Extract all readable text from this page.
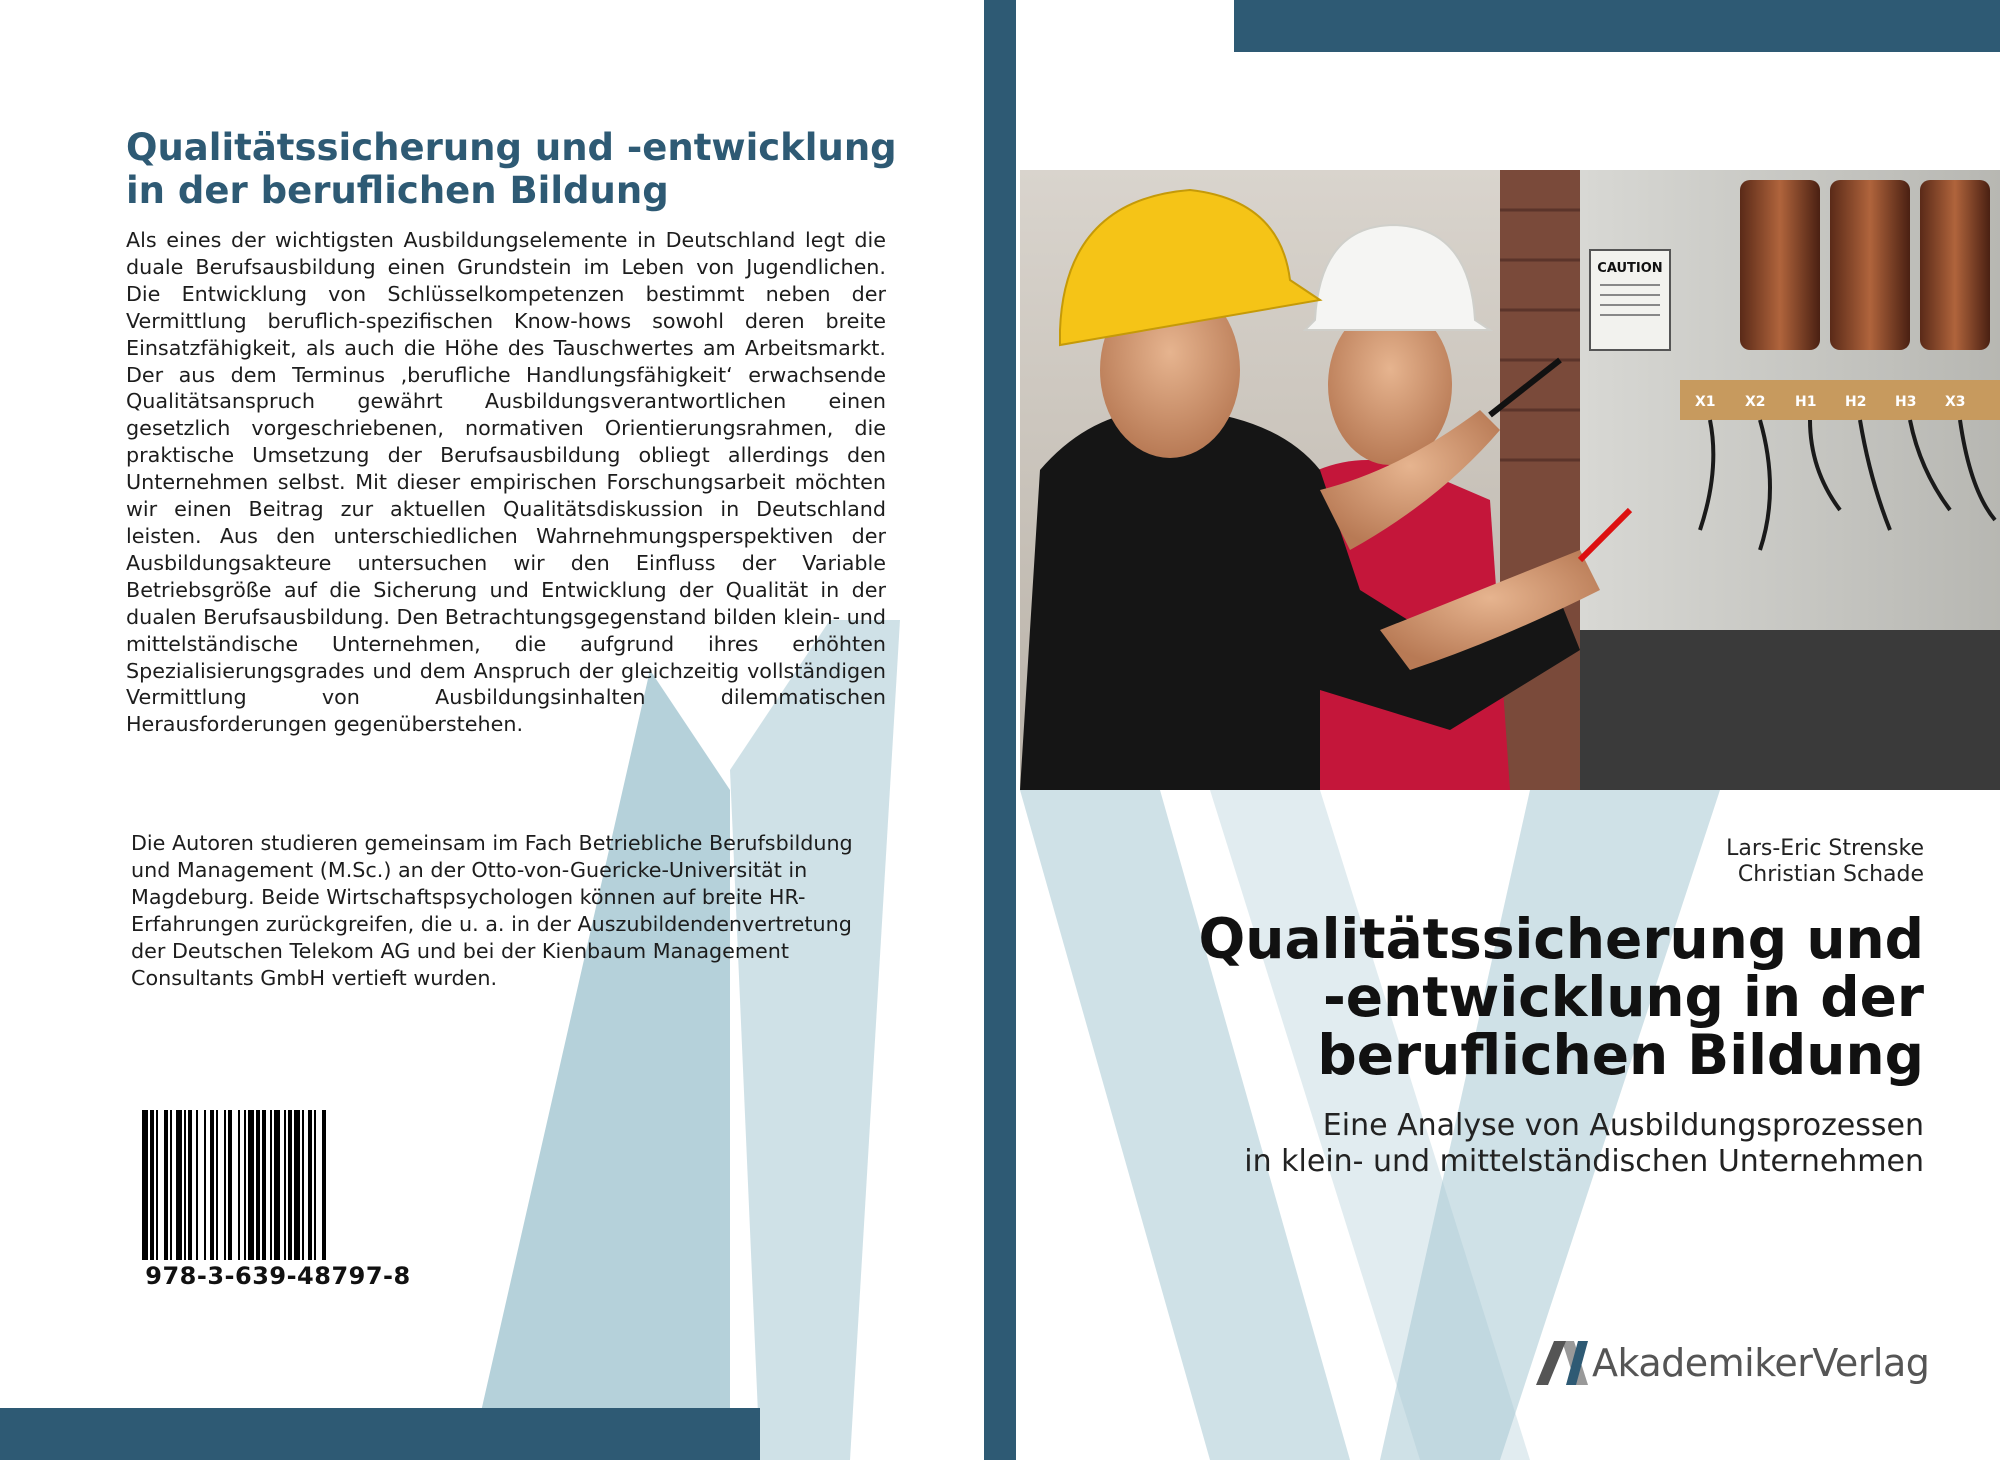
Qualitätssicherung und -entwicklung
in der beruflichen Bildung
Als eines der wichtigsten Ausbildungselemente in Deutschland legt die duale Berufsausbildung einen Grundstein im Leben von Jugendlichen. Die Entwicklung von Schlüsselkompetenzen bestimmt neben der Vermittlung beruflich-spezifischen Know-hows sowohl deren breite Einsatzfähigkeit, als auch die Höhe des Tauschwertes am Arbeitsmarkt. Der aus dem Terminus ‚berufliche Handlungsfähigkeit‘ erwachsende Qualitätsanspruch gewährt Ausbildungsverantwortlichen einen gesetzlich vorgeschriebenen, normativen Orientierungsrahmen, die praktische Umsetzung der Berufsausbildung obliegt allerdings den Unternehmen selbst. Mit dieser empirischen Forschungsarbeit möchten wir einen Beitrag zur aktuellen Qualitätsdiskussion in Deutschland leisten. Aus den unterschiedlichen Wahrnehmungsperspektiven der Ausbildungsakteure untersuchen wir den Einfluss der Variable Betriebsgröße auf die Sicherung und Entwicklung der Qualität in der dualen Berufsausbildung. Den Betrachtungsgegenstand bilden klein- und mittelständische Unternehmen, die aufgrund ihres erhöhten Spezialisierungsgrades und dem Anspruch der gleichzeitig vollständigen Vermittlung von Ausbildungsinhalten dilemmatischen Herausforderungen gegenüberstehen.
Die Autoren studieren gemeinsam im Fach Betriebliche Berufsbildung
und Management (M.Sc.) an der Otto-von-Guericke-Universität in
Magdeburg. Beide Wirtschaftspsychologen können auf breite HR-
Erfahrungen zurückgreifen, die u. a. in der Auszubildendenvertretung
der Deutschen Telekom AG und bei der Kienbaum Management
Consultants GmbH vertieft wurden.
978-3-639-48797-8
CAUTION
X1 X2 H1 H2 H3 X3
Lars-Eric Strenske
Christian Schade
Qualitätssicherung und
-entwicklung in der
beruflichen Bildung
Eine Analyse von Ausbildungsprozessen
in klein- und mittelständischen Unternehmen
AkademikerVerlag
